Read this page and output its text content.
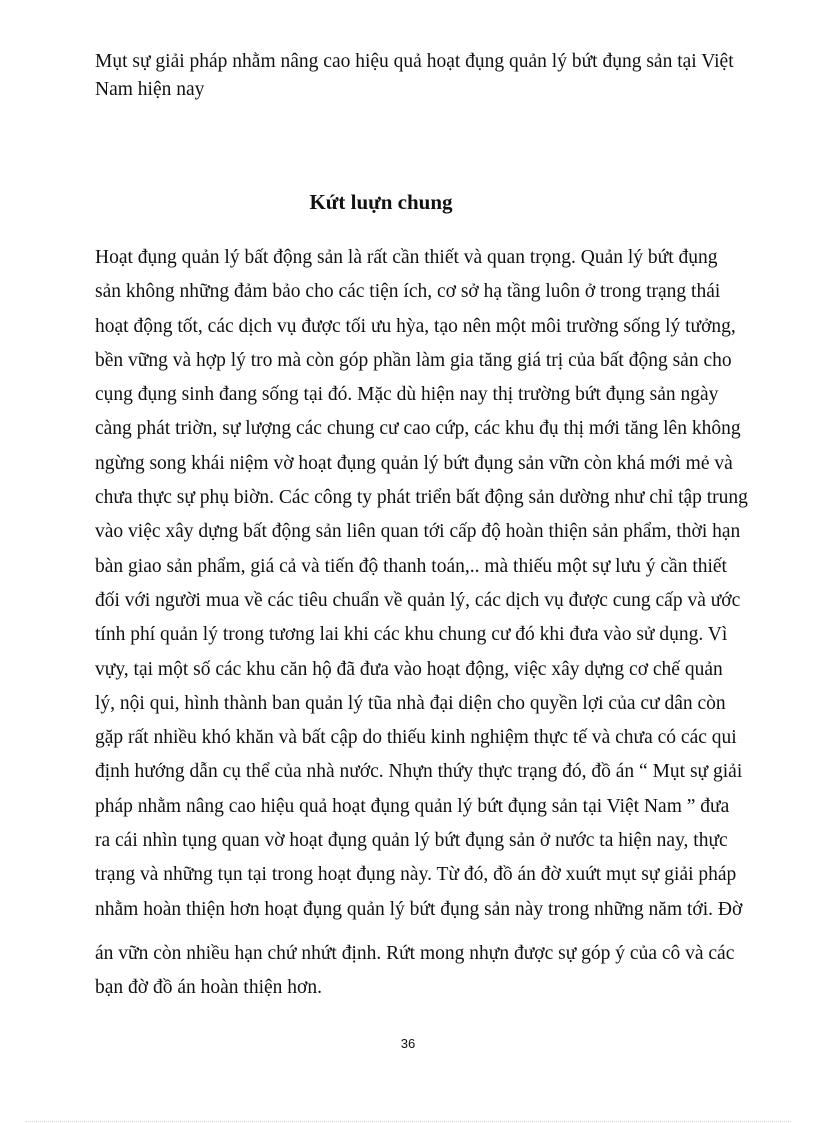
Mụt sự giải pháp nhằm nâng cao hiệu quả hoạt đụng quản lý bứt đụng sản tại Việt
Nam hiện nay

Kứt luựn chung
Hoạt đụng quản lý bất động sản là rất cần thiết và quan trọng. Quản lý bứt đụng
sản không những đảm bảo cho các tiện ích, cơ sở hạ tầng luôn ở trong trạng thái
hoạt động tốt, các dịch vụ được tối ưu hỳa, tạo nên một môi trường sống lý tưởng,
bền vững và hợp lý tro mà còn góp phần làm gia tăng giá trị của bất động sản cho
cụng đụng sinh đang sống tại đó. Mặc dù hiện nay thị trường bứt đụng sản ngày
càng phát triờn, sự lượng các chung cư cao cứp, các khu đụ thị mới tăng lên không
ngừng song khái niệm vờ hoạt đụng quản lý bứt đụng sản vữn còn khá mới mẻ và
chưa thực sự phụ biờn. Các công ty phát triển bất động sản dường như chỉ tập trung
vào việc xây dựng bất động sản liên quan tới cấp độ hoàn thiện sản phẩm, thời hạn
bàn giao sản phẩm, giá cả và tiến độ thanh toán,.. mà thiếu một sự lưu ý cần thiết
đối với người mua về các tiêu chuẩn về quản lý, các dịch vụ được cung cấp và ước
tính phí quản lý trong tương lai khi các khu chung cư đó khi đưa vào sử dụng. Vì
vựy, tại một số các khu căn hộ đã đưa vào hoạt động, việc xây dựng cơ chế quản
lý, nội qui, hình thành ban quản lý tũa nhà đại diện cho quyền lợi của cư dân còn
gặp rất nhiều khó khăn và bất cập do thiếu kinh nghiệm thực tế và chưa có các qui
định hướng dẫn cụ thể của nhà nước. Nhựn thứy thực trạng đó, đồ án “ Mụt sự giải
pháp nhằm nâng cao hiệu quả hoạt đụng quản lý bứt đụng sản tại Việt Nam ” đưa
ra cái nhìn tụng quan vờ hoạt đụng quản lý bứt đụng sản ở nước ta hiện nay, thực
trạng và những tụn tại trong hoạt đụng này. Từ đó, đồ án đờ xuứt mụt sự giải pháp
nhằm hoàn thiện hơn hoạt đụng quản lý bứt đụng sản này trong những năm tới. Đờ
án vữn còn nhiều hạn chứ nhứt định. Rứt mong nhựn được sự góp ý của cô và các
bạn đờ đồ án hoàn thiện hơn.
36
